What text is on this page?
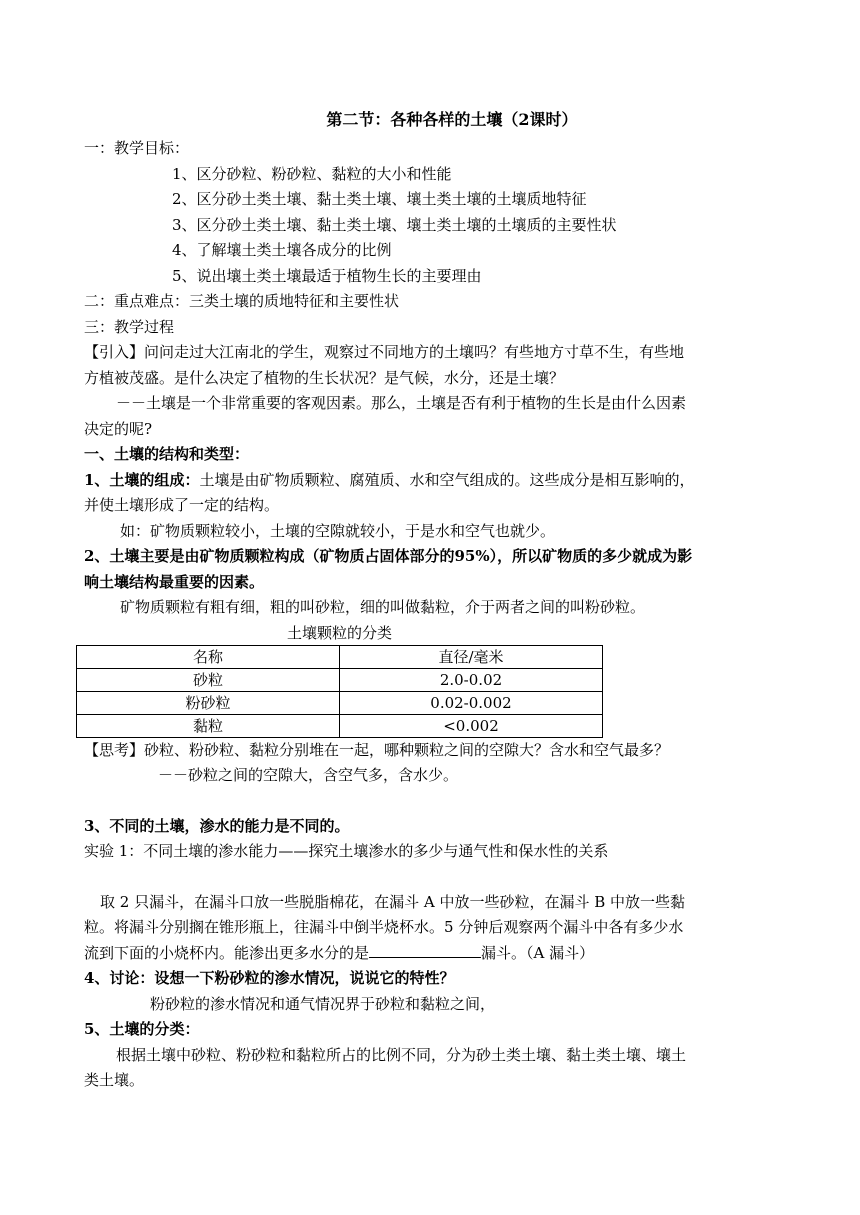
第二节：各种各样的土壤（2课时）
一：教学目标：
1、区分砂粒、粉砂粒、黏粒的大小和性能
2、区分砂土类土壤、黏土类土壤、壤土类土壤的土壤质地特征
3、区分砂土类土壤、黏土类土壤、壤土类土壤的土壤质的主要性状
4、了解壤土类土壤各成分的比例
5、说出壤土类土壤最适于植物生长的主要理由
二：重点难点：三类土壤的质地特征和主要性状
三：教学过程
【引入】问问走过大江南北的学生，观察过不同地方的土壤吗？有些地方寸草不生，有些地
方植被茂盛。是什么决定了植物的生长状况？是气候，水分，还是土壤？
－－土壤是一个非常重要的客观因素。那么，土壤是否有利于植物的生长是由什么因素
决定的呢?
一、土壤的结构和类型：
1、土壤的组成：土壤是由矿物质颗粒、腐殖质、水和空气组成的。这些成分是相互影响的，
并使土壤形成了一定的结构。
如：矿物质颗粒较小，土壤的空隙就较小，于是水和空气也就少。
2、土壤主要是由矿物质颗粒构成（矿物质占固体部分的95%），所以矿物质的多少就成为影
响土壤结构最重要的因素。
矿物质颗粒有粗有细，粗的叫砂粒，细的叫做黏粒，介于两者之间的叫粉砂粒。
土壤颗粒的分类
名称	直径/毫米
砂粒	2.0-0.02
粉砂粒	0.02-0.002
黏粒	<0.002
【思考】砂粒、粉砂粒、黏粒分别堆在一起，哪种颗粒之间的空隙大？含水和空气最多？
－－砂粒之间的空隙大，含空气多，含水少。
3、不同的土壤，渗水的能力是不同的。
实验 1：不同土壤的渗水能力——探究土壤渗水的多少与通气性和保水性的关系
取 2 只漏斗，在漏斗口放一些脱脂棉花，在漏斗 A 中放一些砂粒，在漏斗 B 中放一些黏
粒。将漏斗分别搁在锥形瓶上，往漏斗中倒半烧杯水。5 分钟后观察两个漏斗中各有多少水
流到下面的小烧杯内。能渗出更多水分的是	漏斗。（A 漏斗）
4、讨论：设想一下粉砂粒的渗水情况，说说它的特性？
粉砂粒的渗水情况和通气情况界于砂粒和黏粒之间，
5、土壤的分类：
根据土壤中砂粒、粉砂粒和黏粒所占的比例不同，分为砂土类土壤、黏土类土壤、壤土
类土壤。
